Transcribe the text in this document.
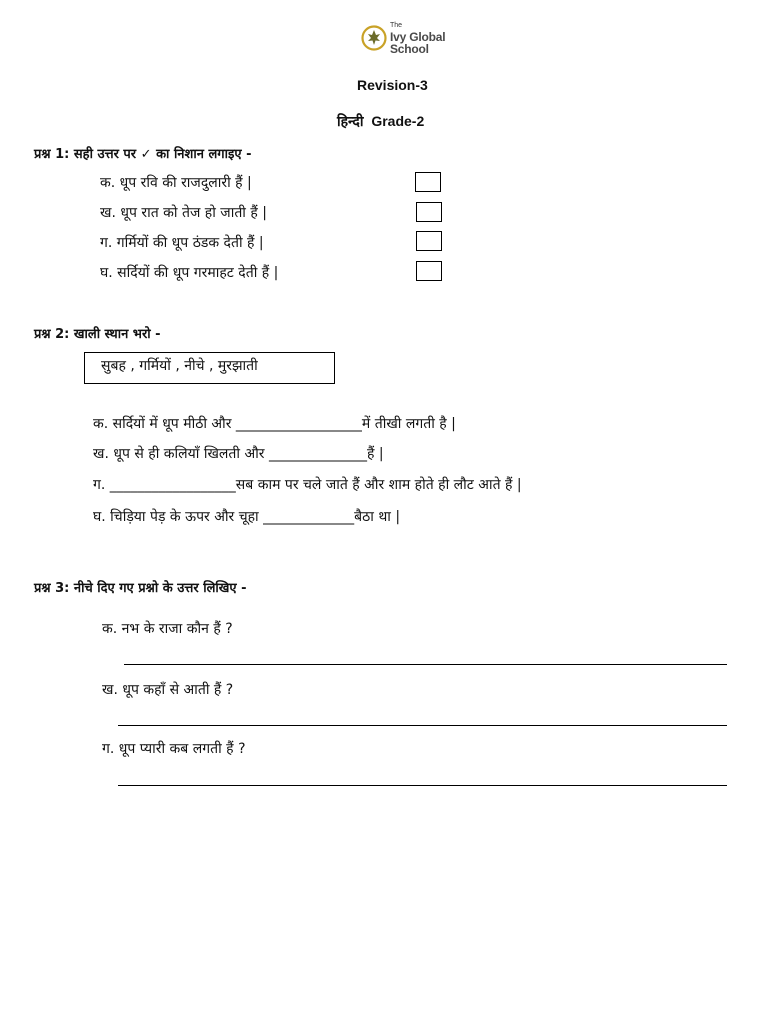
The
Ivy Global
School
Revision-3
हिन्दी Grade-2
प्रश्न 1: सही उत्तर पर ✓ का निशान लगाइए -
क. धूप रवि की राजदुलारी हैं |
ख. धूप रात को तेज हो जाती हैं |
ग. गर्मियों की धूप ठंडक देती हैं |
घ. सर्दियों की धूप गरमाहट देती हैं |
प्रश्न 2: खाली स्थान भरो -
सुबह , गर्मियों , नीचे , मुरझाती
क. सर्दियों में धूप मीठी और __________________में तीखी लगती है |
ख. धूप से ही कलियाँ खिलती और ______________हैं |
ग. __________________सब काम पर चले जाते हैं और शाम होते ही लौट आते हैं |
घ. चिड़िया पेड़ के ऊपर और चूहा _____________बैठा था |
प्रश्न 3: नीचे दिए गए प्रश्नो के उत्तर लिखिए -
क. नभ के राजा कौन हैं ?
ख. धूप कहाँ से आती हैं ?
ग. धूप प्यारी कब लगती हैं ?
